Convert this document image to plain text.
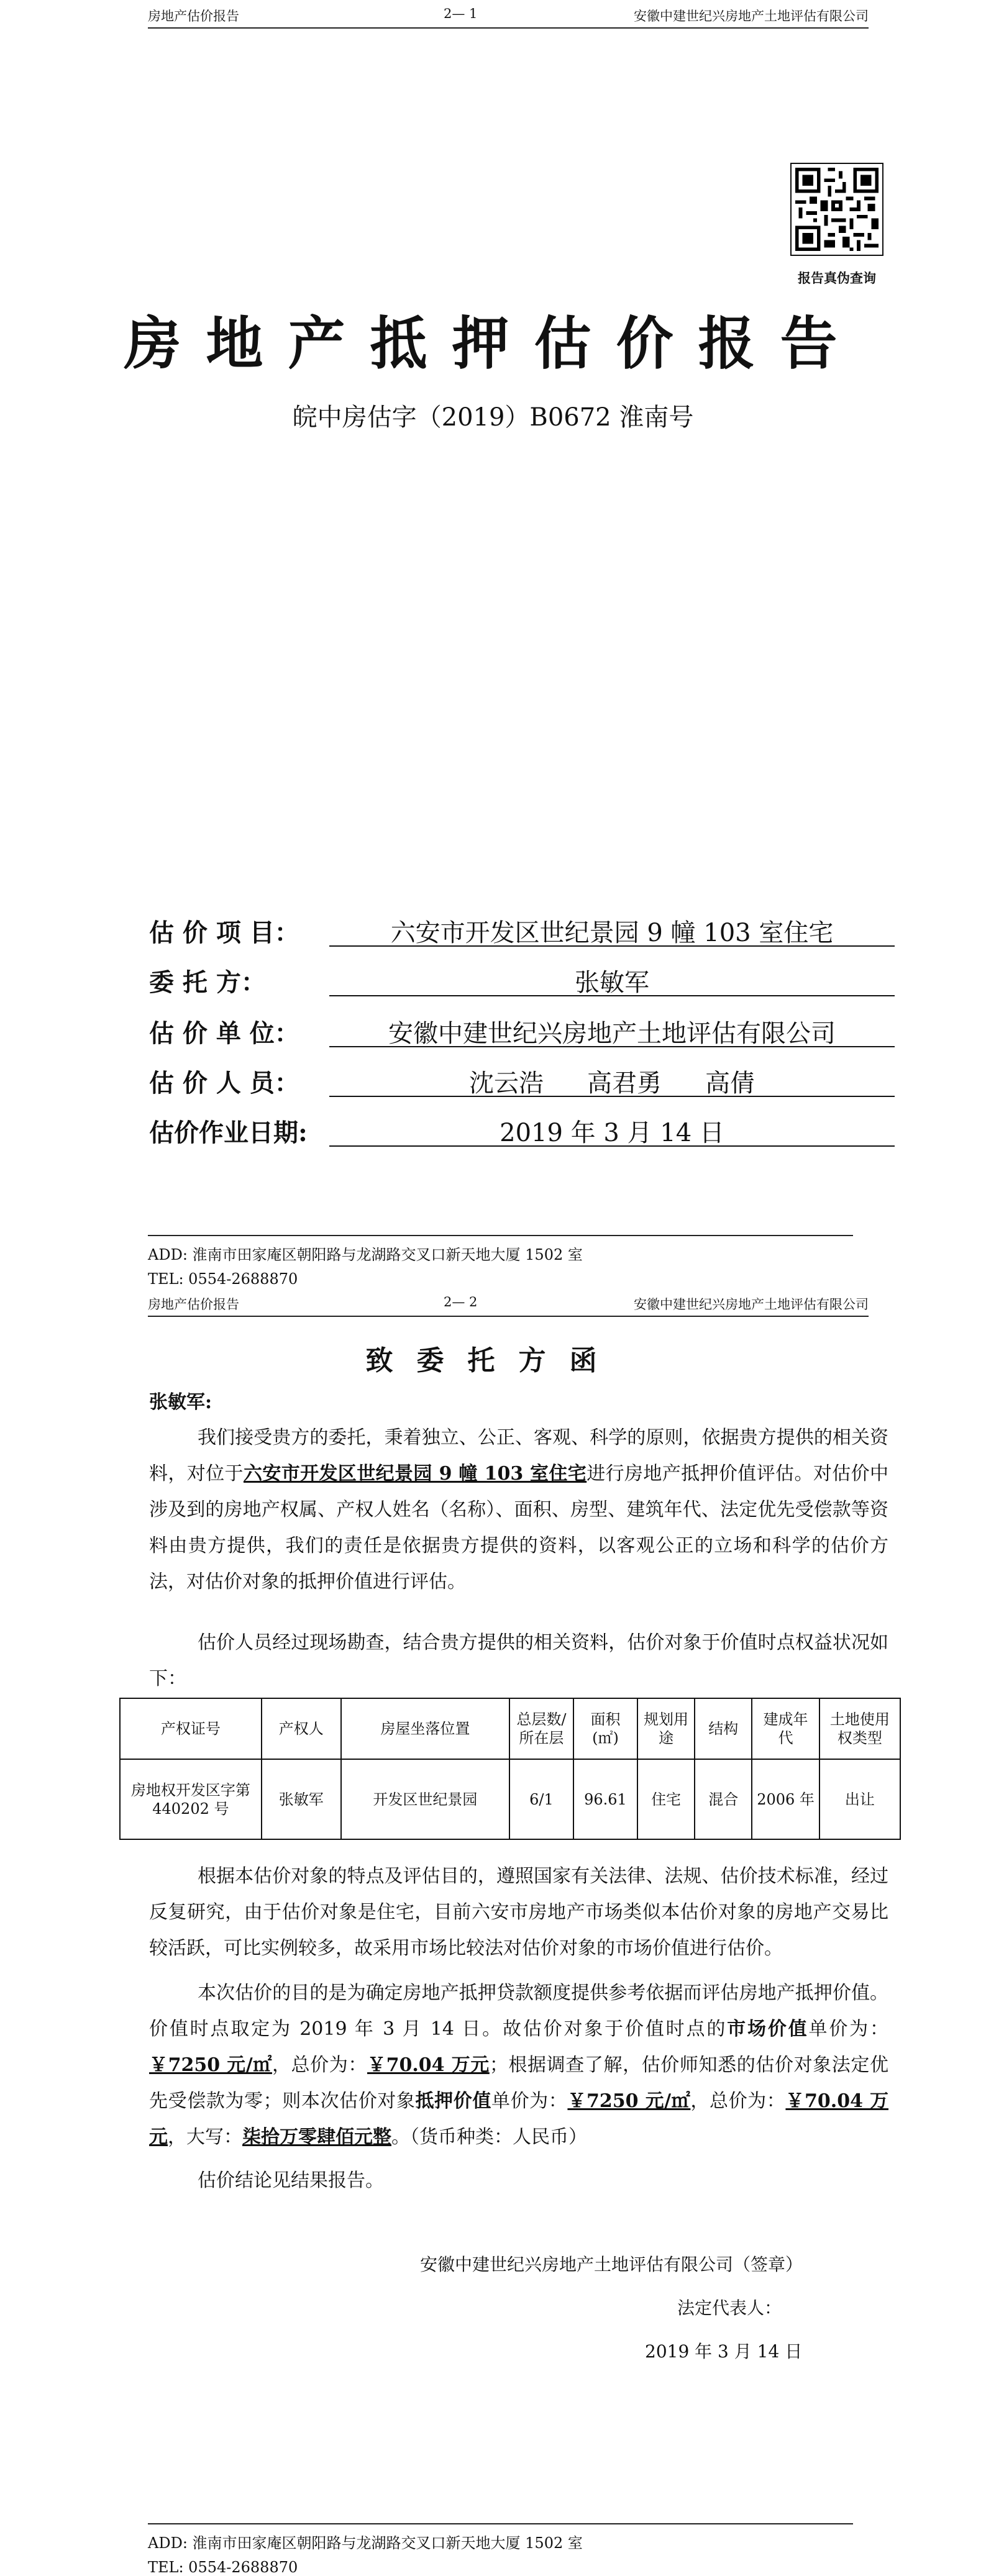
房地产估价报告	2— 1	安徽中建世纪兴房地产土地评估有限公司
报告真伪查询
房地产抵押估价报告
皖中房估字（2019）B0672 淮南号
估 价 项 目：	六安市开发区世纪景园 9 幢 103 室住宅
委 托 方：	张敏军
估 价 单 位：	安徽中建世纪兴房地产土地评估有限公司
估 价 人 员：	沈云浩 高君勇 高倩
估价作业日期:	2019 年 3 月 14 日
ADD: 淮南市田家庵区朝阳路与龙湖路交叉口新天地大厦 1502 室
TEL: 0554-2688870
房地产估价报告	2— 2	安徽中建世纪兴房地产土地评估有限公司
致委托方函
张敏军:
我们接受贵方的委托，秉着独立、公正、客观、科学的原则，依据贵方提供的相关资料，对位于六安市开发区世纪景园 9 幢 103 室住宅进行房地产抵押价值评估。对估价中涉及到的房地产权属、产权人姓名（名称）、面积、房型、建筑年代、法定优先受偿款等资料由贵方提供，我们的责任是依据贵方提供的资料，以客观公正的立场和科学的估价方法，对估价对象的抵押价值进行评估。
估价人员经过现场勘查，结合贵方提供的相关资料，估价对象于价值时点权益状况如下：
产权证号	产权人	房屋坐落位置	总层数/所在层	面积(㎡)	规划用途	结构	建成年代	土地使用权类型
房地权开发区字第 440202 号	张敏军	开发区世纪景园	6/1	96.61	住宅	混合	2006 年	出让
根据本估价对象的特点及评估目的，遵照国家有关法律、法规、估价技术标准，经过反复研究，由于估价对象是住宅，目前六安市房地产市场类似本估价对象的房地产交易比较活跃，可比实例较多，故采用市场比较法对估价对象的市场价值进行估价。
本次估价的目的是为确定房地产抵押贷款额度提供参考依据而评估房地产抵押价值。价值时点取定为 2019 年 3 月 14 日。故估价对象于价值时点的市场价值单价为：￥7250 元/㎡，总价为：￥70.04 万元；根据调查了解，估价师知悉的估价对象法定优先受偿款为零；则本次估价对象抵押价值单价为：￥7250 元/㎡，总价为：￥70.04 万元，大写：柒拾万零肆佰元整。（货币种类：人民币）
估价结论见结果报告。
安徽中建世纪兴房地产土地评估有限公司（签章）
法定代表人：
2019 年 3 月 14 日
ADD: 淮南市田家庵区朝阳路与龙湖路交叉口新天地大厦 1502 室
TEL: 0554-2688870
